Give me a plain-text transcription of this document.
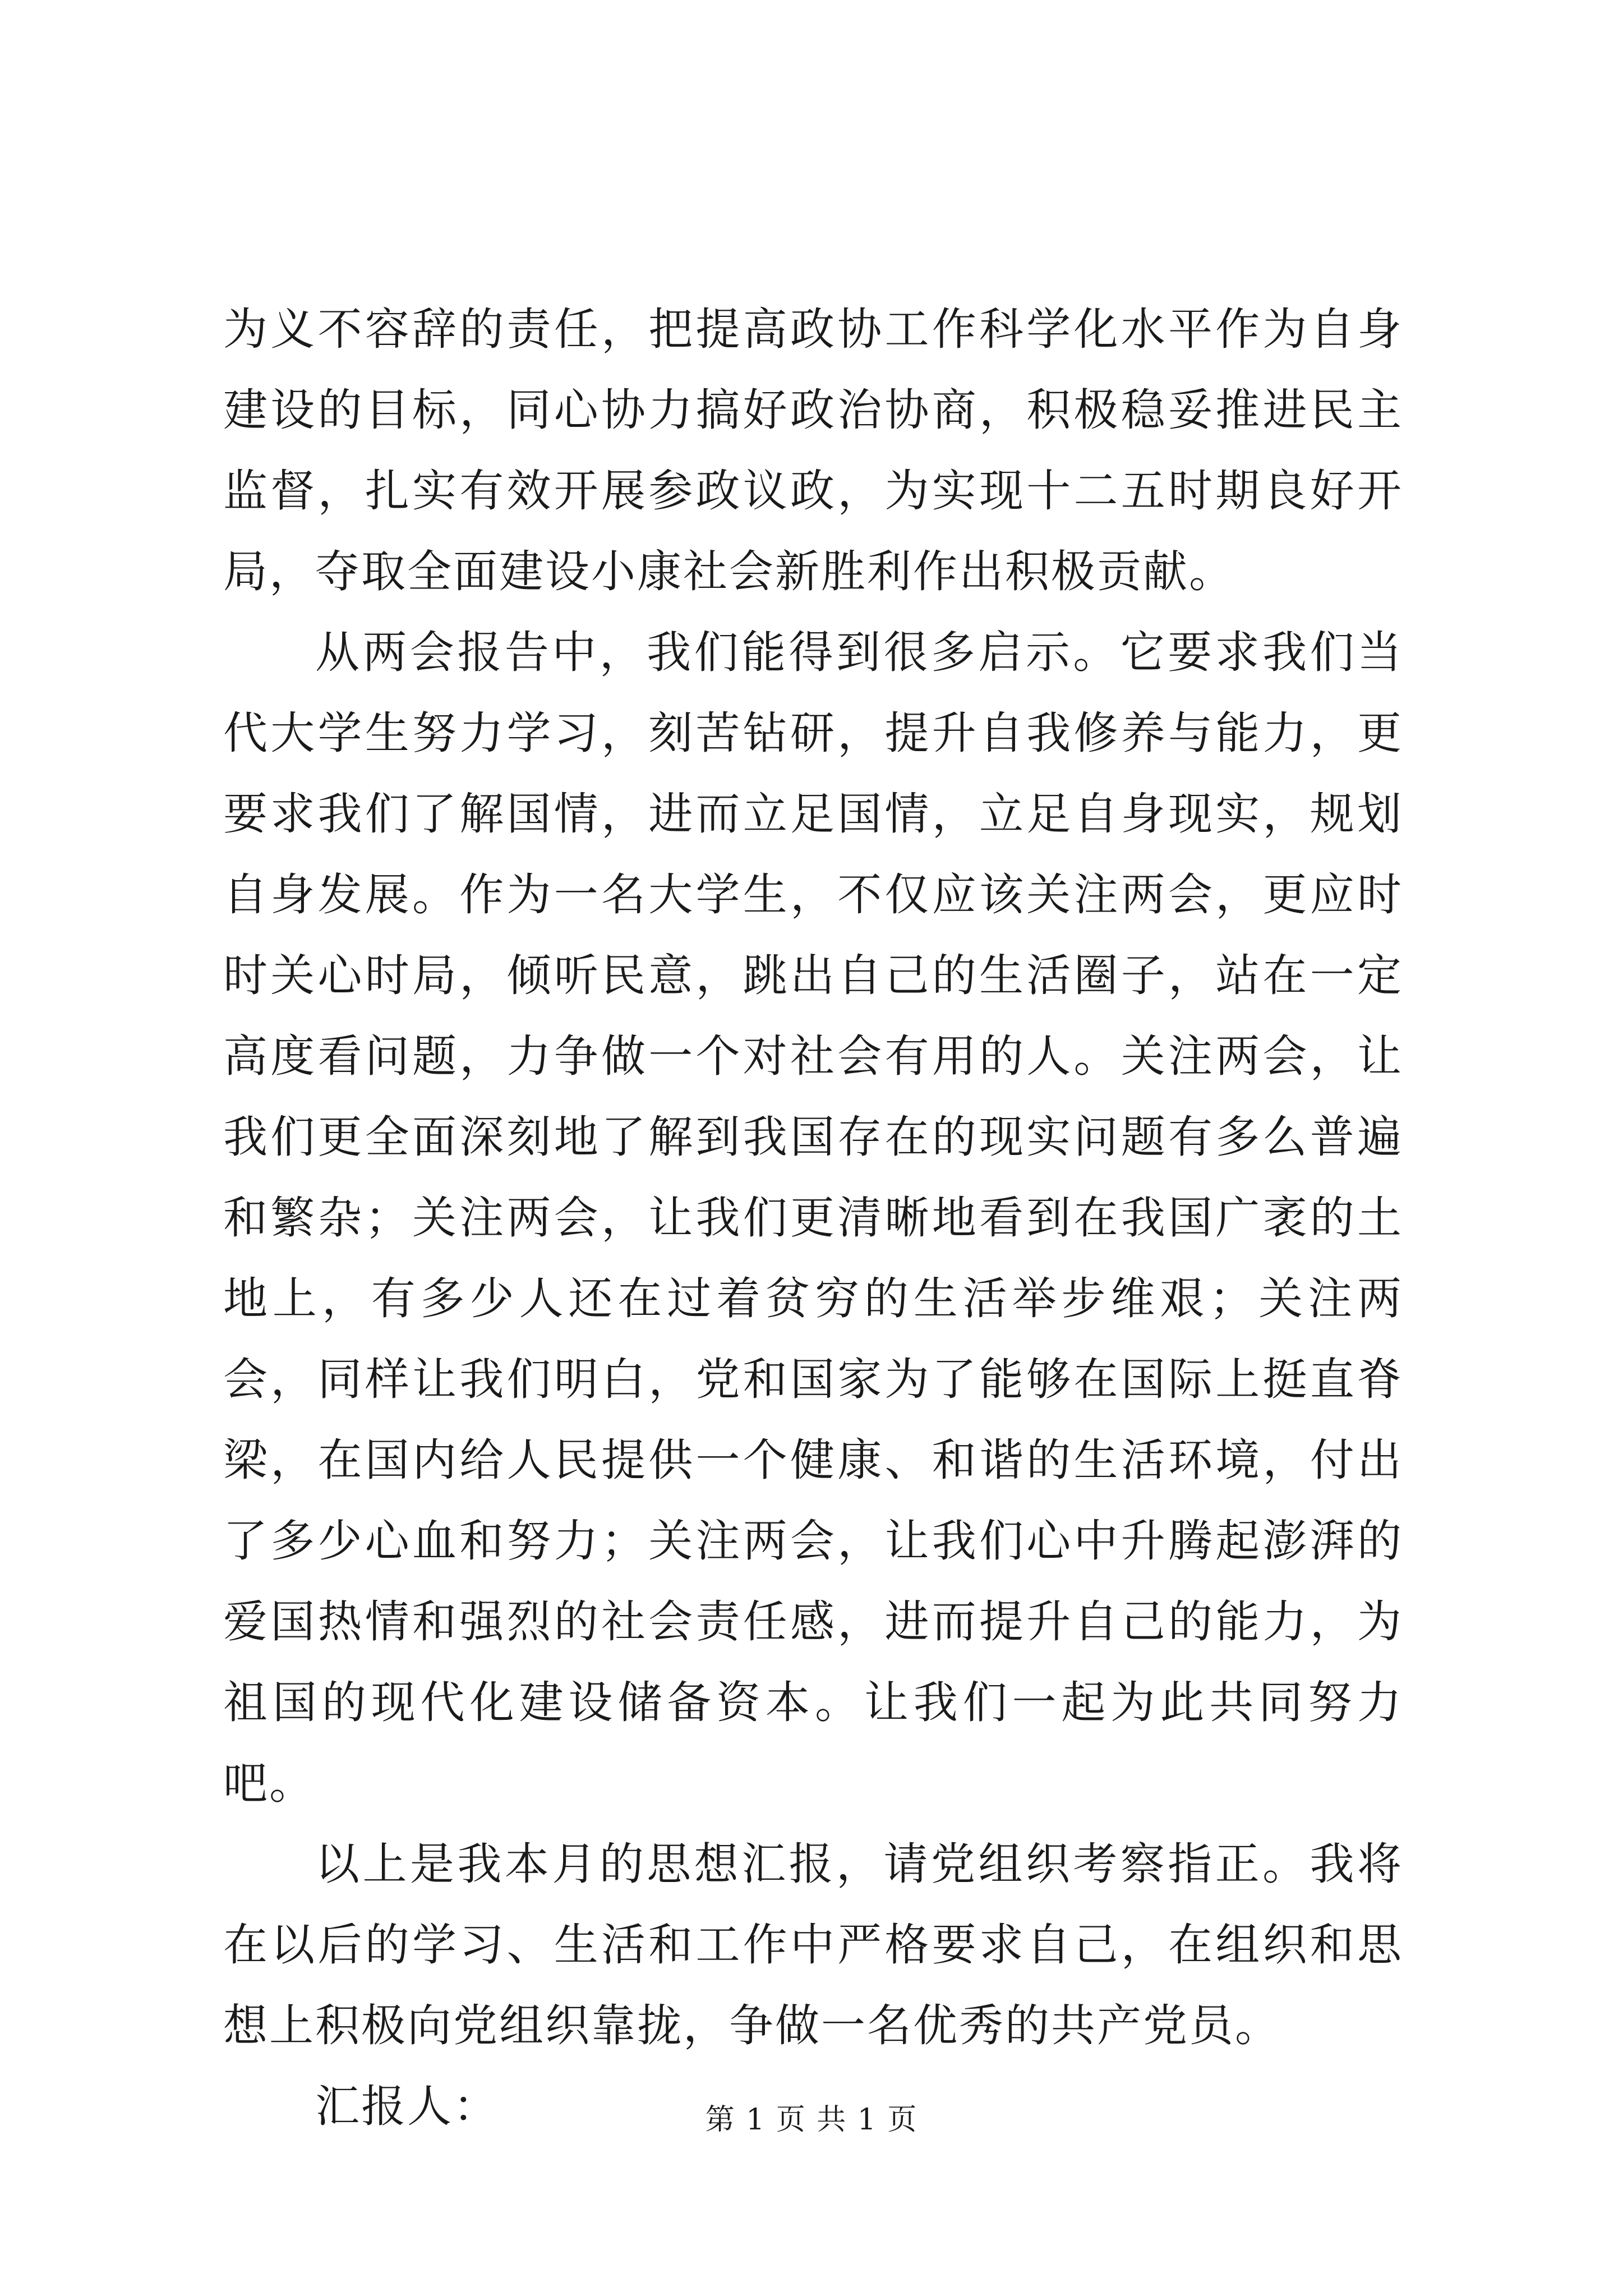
为义不容辞的责任，把提高政协工作科学化水平作为自身建设的目标，同心协力搞好政治协商，积极稳妥推进民主监督，扎实有效开展参政议政，为实现十二五时期良好开局，夺取全面建设小康社会新胜利作出积极贡献。

从两会报告中，我们能得到很多启示。它要求我们当代大学生努力学习，刻苦钻研，提升自我修养与能力，更要求我们了解国情，进而立足国情，立足自身现实，规划自身发展。作为一名大学生，不仅应该关注两会，更应时时关心时局，倾听民意，跳出自己的生活圈子，站在一定高度看问题，力争做一个对社会有用的人。关注两会，让我们更全面深刻地了解到我国存在的现实问题有多么普遍和繁杂；关注两会，让我们更清晰地看到在我国广袤的土地上，有多少人还在过着贫穷的生活举步维艰；关注两会，同样让我们明白，党和国家为了能够在国际上挺直脊梁，在国内给人民提供一个健康、和谐的生活环境，付出了多少心血和努力；关注两会，让我们心中升腾起澎湃的爱国热情和强烈的社会责任感，进而提升自己的能力，为祖国的现代化建设储备资本。让我们一起为此共同努力吧。

以上是我本月的思想汇报，请党组织考察指正。我将在以后的学习、生活和工作中严格要求自己，在组织和思想上积极向党组织靠拢，争做一名优秀的共产党员。

汇报人：	第 1 页 共 1 页
